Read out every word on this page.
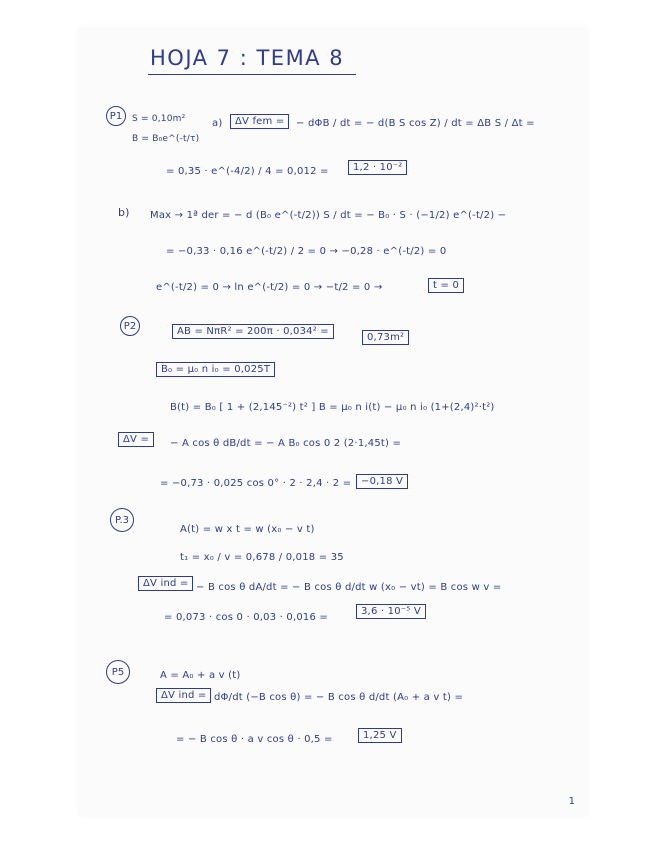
HOJA 7 : TEMA 8
P1	S = 0,10m²
B = B₀e^(-t/τ)
a)	ΔV fem =	− dΦB / dt = − d(B S cos Z) / dt = ΔB S / Δt =
= 0,35 · e^(-4/2) / 4 = 0,012 =	1,2 · 10⁻²
b) Max → 1ª der = − d (B₀ e^(-t/2)) S / dt = − B₀ · S · (−1/2) e^(-t/2) −
= −0,33 · 0,16 e^(-t/2) / 2 = 0 → −0,28 · e^(-t/2) = 0
e^(-t/2) = 0 → ln e^(-t/2) = 0 → −t/2 = 0 →	t = 0
P2	AB = NπR² = 200π · 0,034² =
0,73m²
B₀ = μ₀ n i₀ = 0,025T
B(t) = B₀ [ 1 + (2,145⁻²) t² ] B = μ₀ n i(t) − μ₀ n i₀ (1+(2,4)²·t²)
ΔV =	− A cos θ dB/dt = − A B₀ cos 0 2 (2·1,45t) =
= −0,73 · 0,025 cos 0° · 2 · 2,4 · 2 = −0,18 V
P.3
A(t) = w x t = w (x₀ − v t)
t₁ = x₀ / v = 0,678 / 0,018 = 35
ΔV ind = − B cos θ dA/dt = − B cos θ d/dt w (x₀ − vt) = B cos w v =
= 0,073 · cos 0 · 0,03 · 0,016 =
3,6 · 10⁻⁵ V
P5	A = A₀ + a v (t)
ΔV ind = dΦ/dt (−B cos θ) = − B cos θ d/dt (A₀ + a v t) =
= − B cos θ · a v cos θ · 0,5 =	1,25 V
1
